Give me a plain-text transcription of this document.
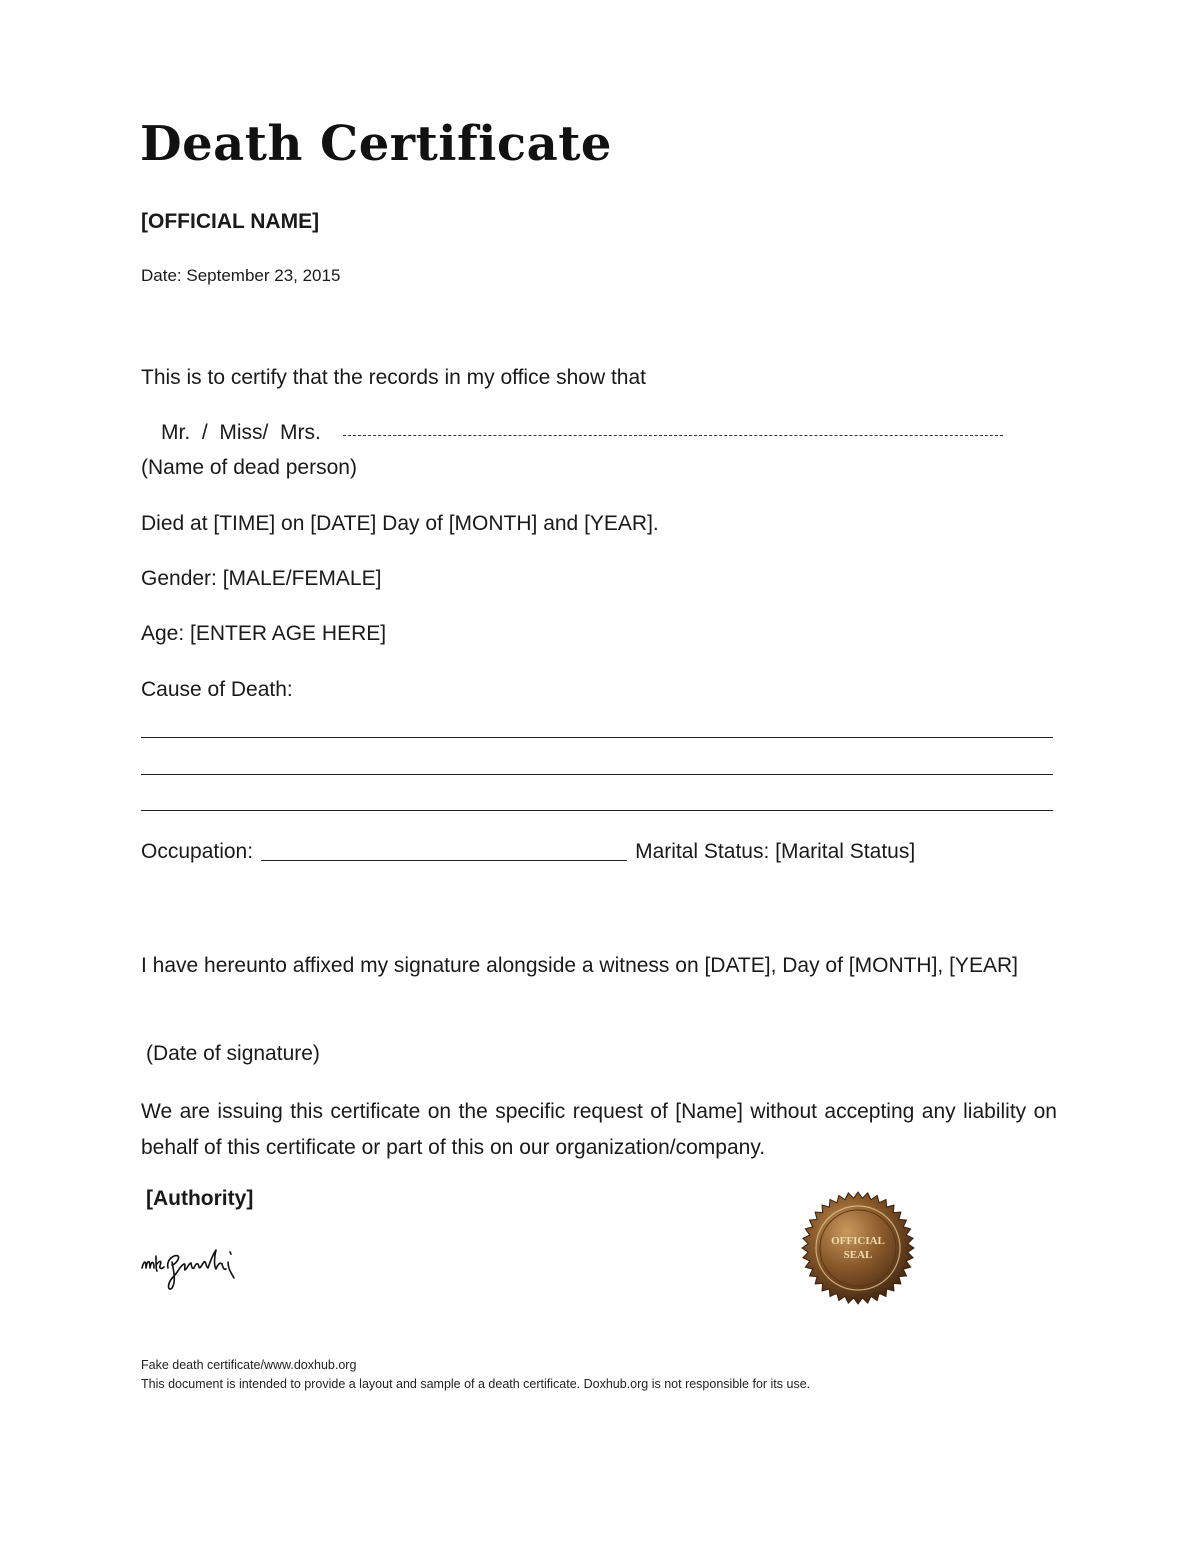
Death Certificate
[OFFICIAL NAME]
Date: September 23, 2015
This is to certify that the records in my office show that
Mr.  /  Miss/  Mrs.
(Name of dead person)
Died at [TIME] on [DATE] Day of [MONTH] and [YEAR].
Gender: [MALE/FEMALE]
Age: [ENTER AGE HERE]
Cause of Death:
Occupation:	Marital Status: [Marital Status]
I have hereunto affixed my signature alongside a witness on [DATE], Day of [MONTH], [YEAR]
(Date of signature)
We are issuing this certificate on the specific request of [Name] without accepting any liability on behalf of this certificate or part of this on our organization/company.
[Authority]
OFFICIAL
SEAL
Fake death certificate/www.doxhub.org
This document is intended to provide a layout and sample of a death certificate. Doxhub.org is not responsible for its use.
